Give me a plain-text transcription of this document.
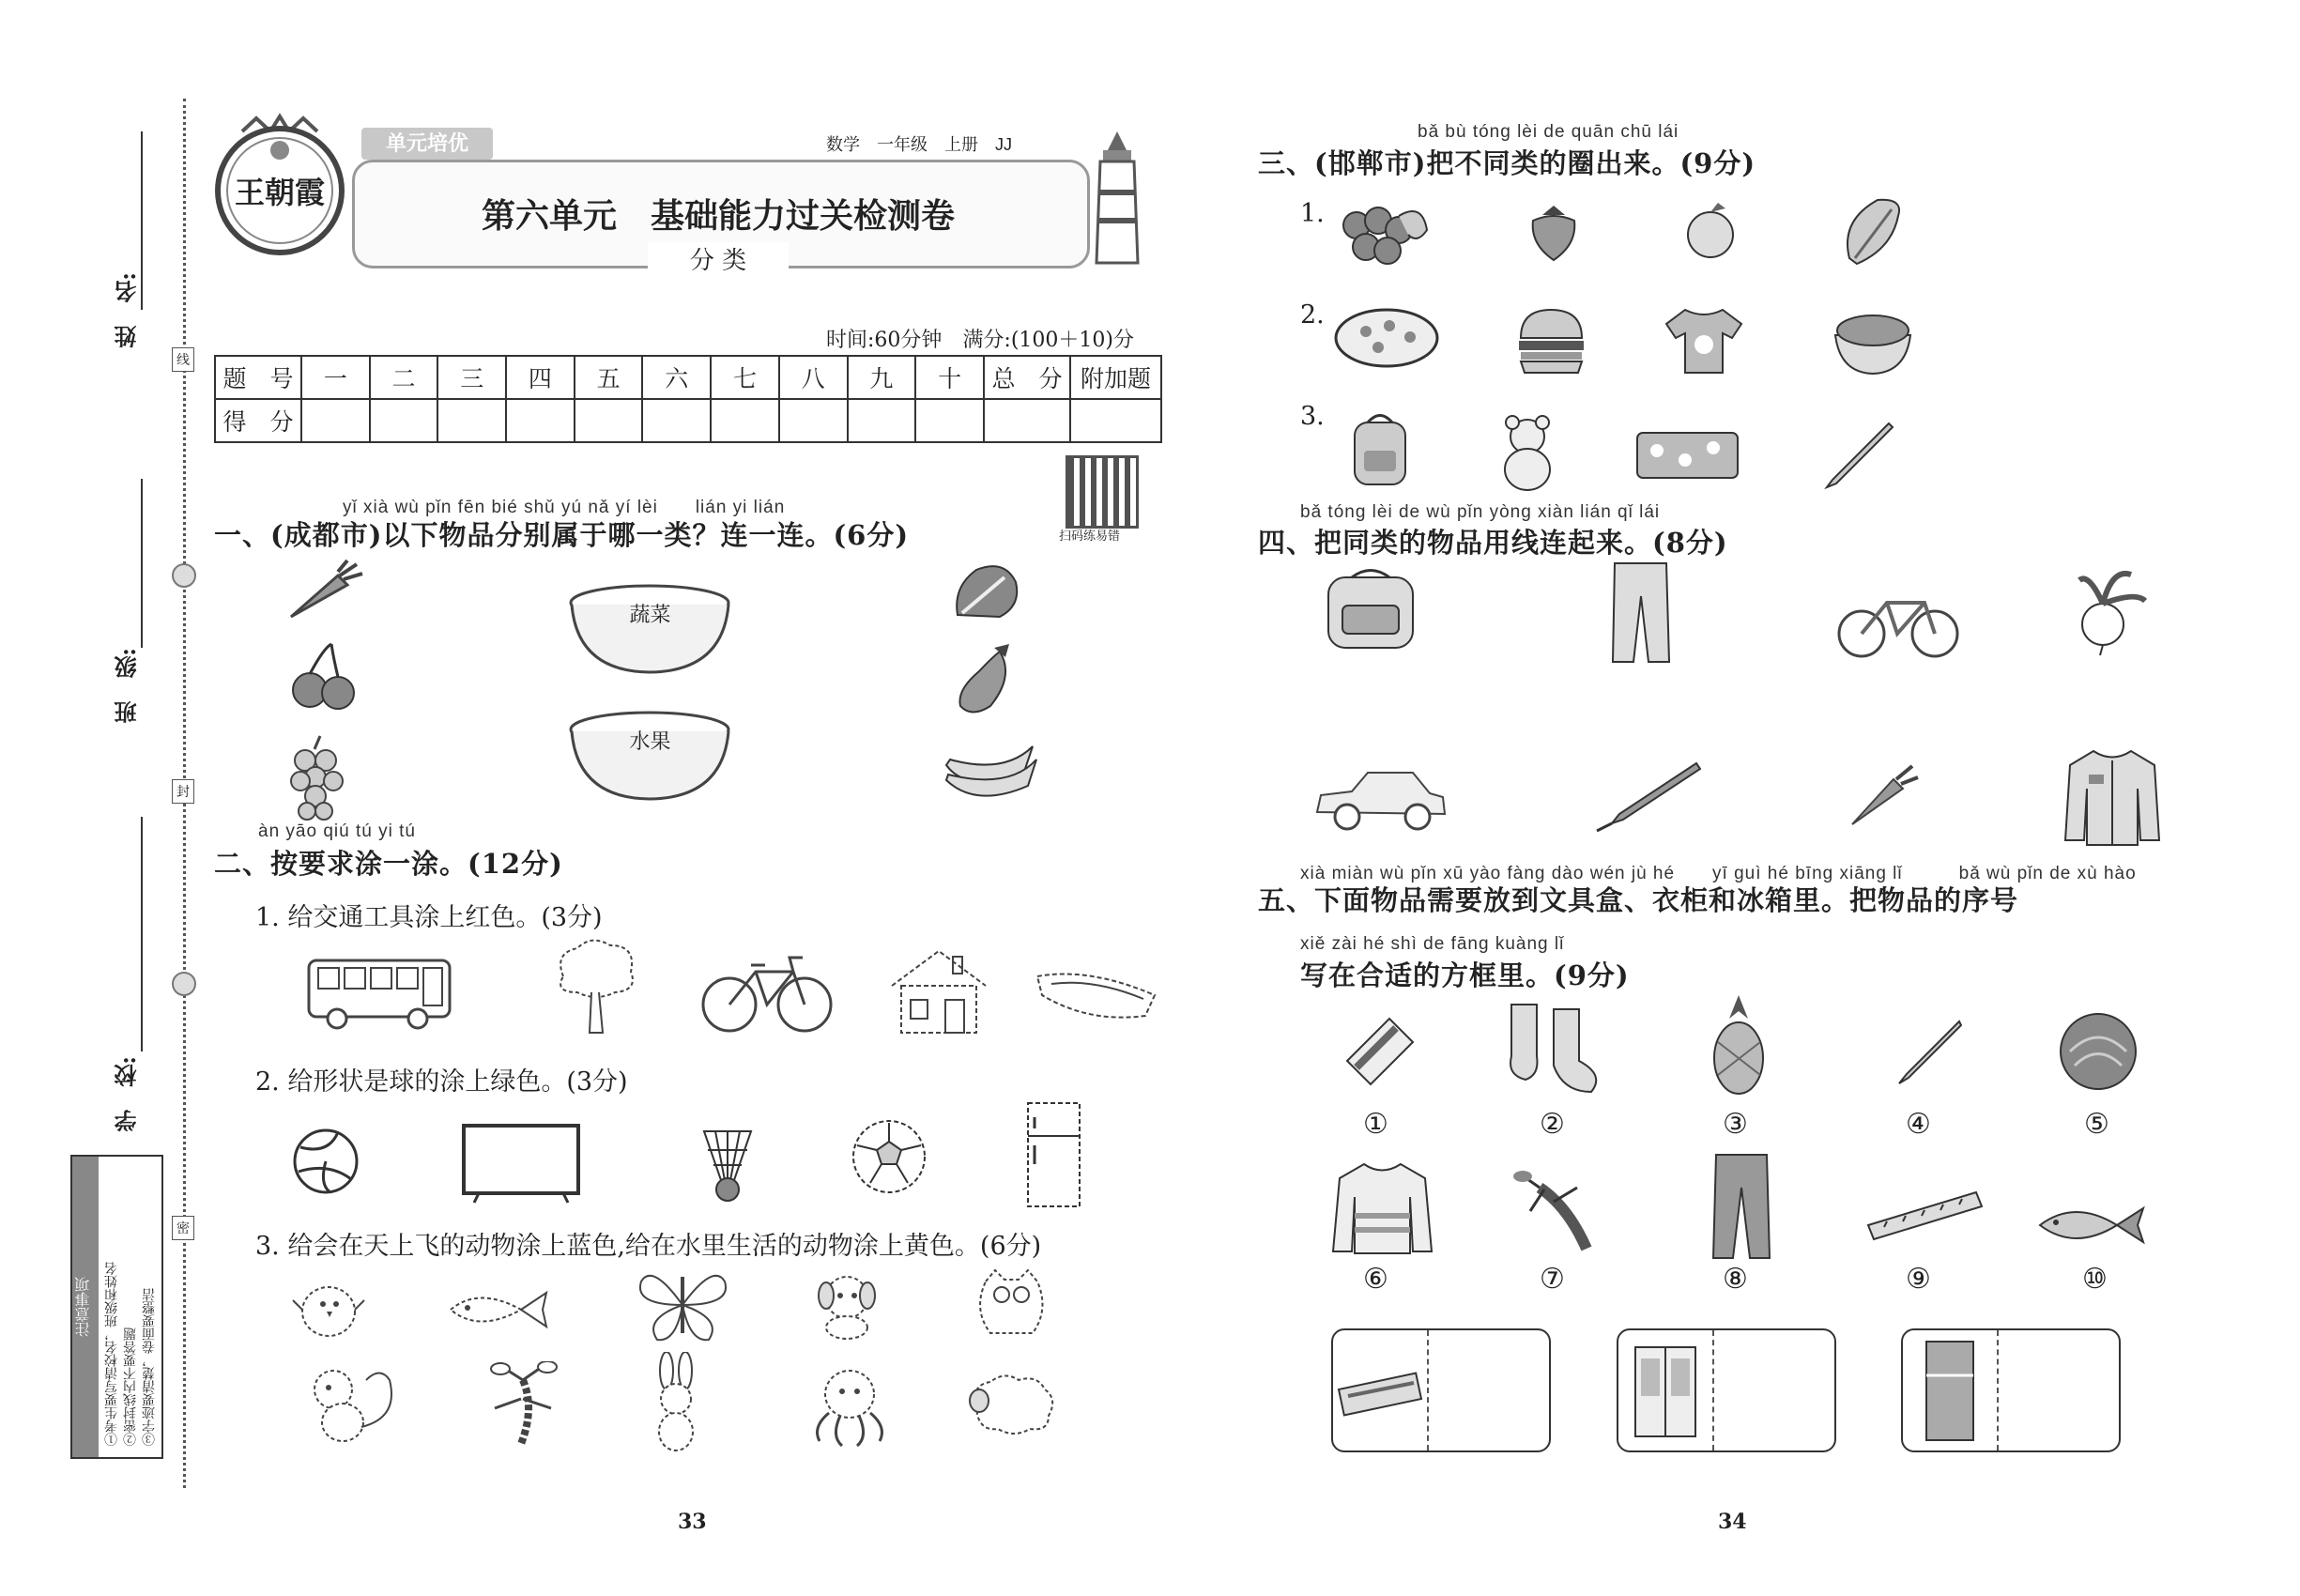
姓　名:
班　级:
学　校:
线
封
密
注意事项 ①考生要写清校名，班级和姓名 ②密封线内不要答题 ③字迹要清楚，卷面要整洁
王朝霞
单元培优	数学　一年级　上册　JJ
第六单元　基础能力过关检测卷
分 类
时间:60分钟　满分:(100＋10)分
题　号	一	二	三	四	五	六	七	八	九	十	总　分	附加题
得　分												
扫码练易错
yǐ xià wù pǐn fēn bié shǔ yú nǎ yí lèi　　lián yi lián
一、(成都市)以下物品分别属于哪一类？连一连。(6分)
蔬菜
水果
àn yāo qiú tú yi tú
二、按要求涂一涂。(12分)
1. 给交通工具涂上红色。(3分)
2. 给形状是球的涂上绿色。(3分)
3. 给会在天上飞的动物涂上蓝色,给在水里生活的动物涂上黄色。(6分)
33
bǎ bù tóng lèi de quān chū lái
三、(邯郸市)把不同类的圈出来。(9分)
1.
2.
3.
bǎ tóng lèi de wù pǐn yòng xiàn lián qǐ lái
四、把同类的物品用线连起来。(8分)
xià miàn wù pǐn xū yào fàng dào wén jù hé　　yī guì hé bīng xiāng lǐ　　　bǎ wù pǐn de xù hào
五、下面物品需要放到文具盒、衣柜和冰箱里。把物品的序号
xiě zài hé shì de fāng kuàng lǐ
写在合适的方框里。(9分)
①	②	③	④	⑤
⑥	⑦	⑧	⑨	⑩
34
